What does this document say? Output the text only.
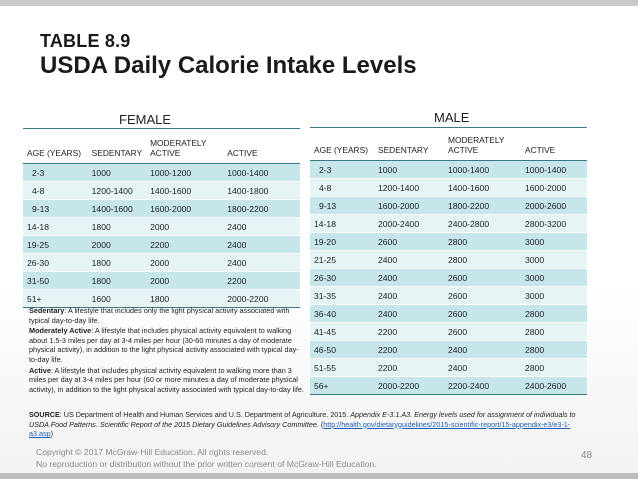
TABLE 8.9
USDA Daily Calorie Intake Levels
FEMALE	MALE
AGE (YEARS)	SEDENTARY	MODERATELY ACTIVE	ACTIVE
2-3	1000	1000-1200	1000-1400
4-8	1200-1400	1400-1600	1400-1800
9-13	1400-1600	1600-2000	1800-2200
14-18	1800	2000	2400
19-25	2000	2200	2400
26-30	1800	2000	2400
31-50	1800	2000	2200
51+	1600	1800	2000-2200
AGE (YEARS)	SEDENTARY	MODERATELY ACTIVE	ACTIVE
2-3	1000	1000-1400	1000-1400
4-8	1200-1400	1400-1600	1600-2000
9-13	1600-2000	1800-2200	2000-2600
14-18	2000-2400	2400-2800	2800-3200
19-20	2600	2800	3000
21-25	2400	2800	3000
26-30	2400	2600	3000
31-35	2400	2600	3000
36-40	2400	2600	2800
41-45	2200	2600	2800
46-50	2200	2400	2800
51-55	2200	2400	2800
56+	2000-2200	2200-2400	2400-2600

Sedentary: A lifestyle that includes only the light physical activity associated with typical day-to-day life.

Moderately Active: A lifestyle that includes physical activity equivalent to walking about 1.5-3 miles per day at 3-4 miles per hour (30-60 minutes a day of moderate physical activity), in addition to the light physical activity associated with typical day-to-day life.

Active: A lifestyle that includes physical activity equivalent to walking more than 3 miles per day at 3-4 miles per hour (60 or more minutes a day of moderate physical activity), in addition to the light physical activity associated with typical day-to-day life.

SOURCE: US Department of Health and Human Services and U.S. Department of Agriculture. 2015. Appendix E-3.1.A3. Energy levels used for assignment of individuals to USDA Food Patterns. Scientific Report of the 2015 Dietary Guidelines Advisory Committee. (http://health.gov/dietaryguidelines/2015-scientific-report/15-appendix-e3/e3-1-a3.asp)
Copyright © 2017 McGraw-Hill Education. All rights reserved.
No reproduction or distribution without the prior written consent of McGraw-Hill Education.
48
